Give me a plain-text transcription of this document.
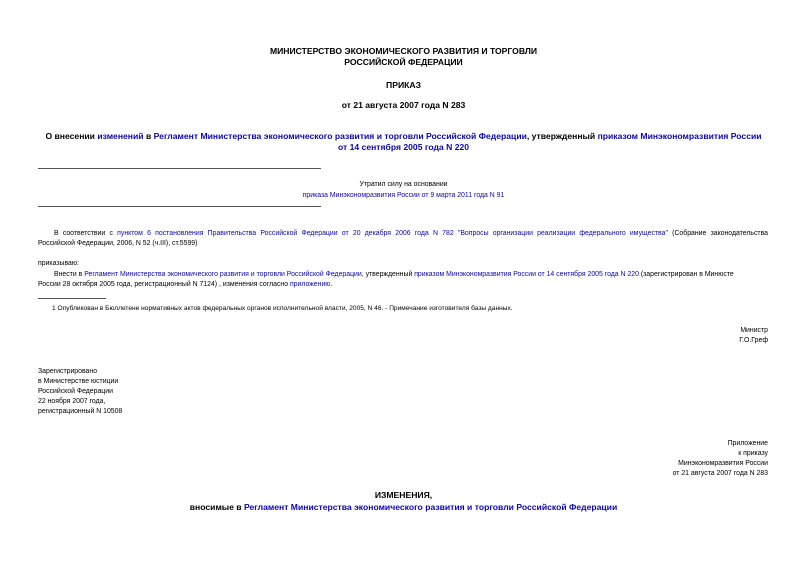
МИНИСТЕРСТВО ЭКОНОМИЧЕСКОГО РАЗВИТИЯ И ТОРГОВЛИ
РОССИЙСКОЙ ФЕДЕРАЦИИ
ПРИКАЗ
от 21 августа 2007 года N 283
О внесении изменений в Регламент Министерства экономического развития и торговли Российской Федерации, утвержденный приказом Минэкономразвития России от 14 сентября 2005 года N 220
Утратил силу на основании
приказа Минэкономразвития России от 9 марта 2011 года N 91
В соответствии с пунктом 6 постановления Правительства Российской Федерации от 20 декабря 2006 года N 782 "Вопросы организации реализации федерального имущества" (Собрание законодательства
Российской Федерации, 2006, N 52 (ч.III), ст.5599)
приказываю:
Внести в Регламент Министерства экономического развития и торговли Российской Федерации, утвержденный приказом Минэкономразвития России от 14 сентября 2005 года N 220 (зарегистрирован в Минюсте
России 28 октября 2005 года, регистрационный N 7124) , изменения согласно приложению.
1 Опубликован в Бюллетене нормативных актов федеральных органов исполнительной власти, 2005, N 46. - Примечание изготовителя базы данных.
Министр
Г.О.Греф
Зарегистрировано
в Министерстве юстиции
Российской Федерации
22 ноября 2007 года,
регистрационный N 10508
Приложение
к приказу
Минэкономразвития России
от 21 августа 2007 года N 283
ИЗМЕНЕНИЯ,
вносимые в Регламент Министерства экономического развития и торговли Российской Федерации
